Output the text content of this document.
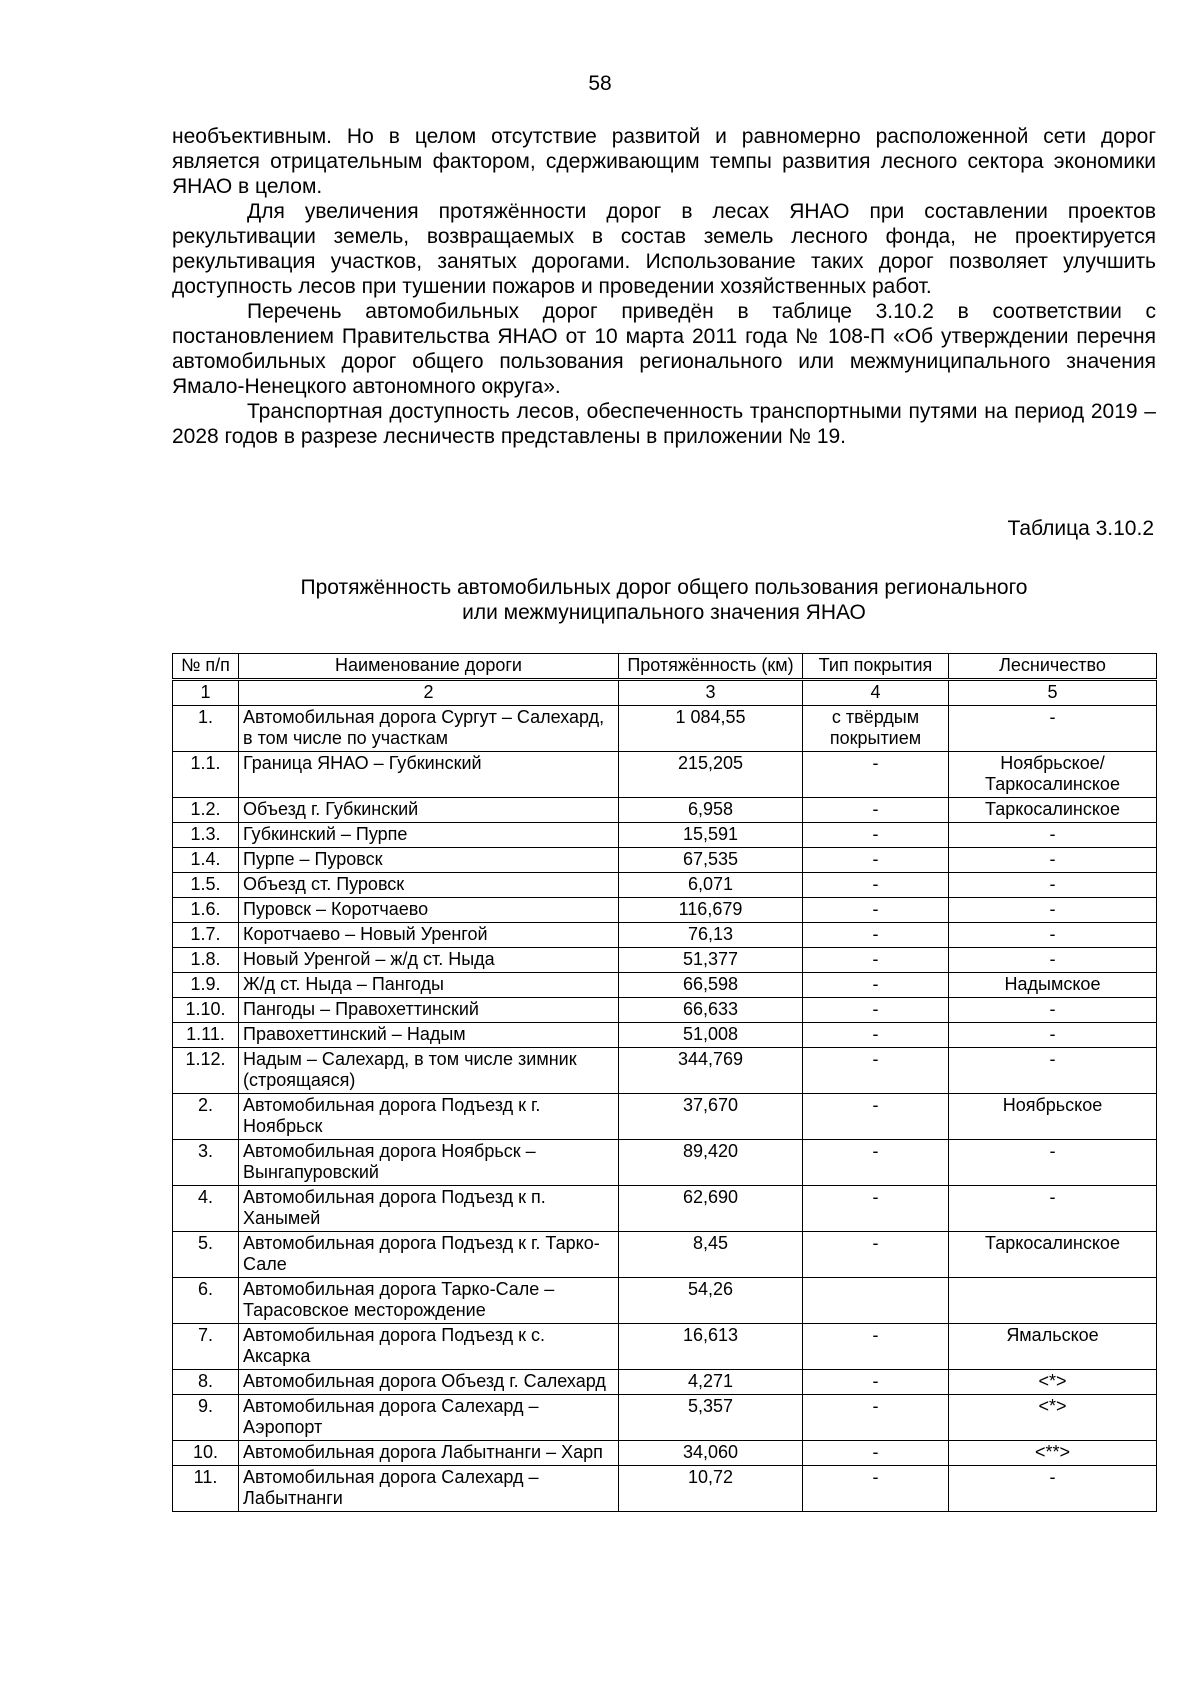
58

необъективным. Но в целом отсутствие развитой и равномерно расположенной сети дорог является отрицательным фактором, сдерживающим темпы развития лесного сектора экономики ЯНАО в целом.

Для увеличения протяжённости дорог в лесах ЯНАО при составлении проектов рекультивации земель, возвращаемых в состав земель лесного фонда, не проектируется рекультивация участков, занятых дорогами. Использование таких дорог позволяет улучшить доступность лесов при тушении пожаров и проведении хозяйственных работ.

Перечень автомобильных дорог приведён в таблице 3.10.2 в соответствии с постановлением Правительства ЯНАО от 10 марта 2011 года № 108-П «Об утверждении перечня автомобильных дорог общего пользования регионального или межмуниципального значения Ямало-Ненецкого автономного округа».

Транспортная доступность лесов, обеспеченность транспортными путями на период 2019 – 2028 годов в разрезе лесничеств представлены в приложении № 19.

Таблица 3.10.2
Протяжённость автомобильных дорог общего пользования регионального
или межмуниципального значения ЯНАО
№ п/п	Наименование дороги	Протяжённость (км)	Тип покрытия	Лесничество
1	2	3	4	5
1.	Автомобильная дорога Сургут – Салехард, в том числе по участкам	1 084,55	с твёрдым покрытием	-
1.1.	Граница ЯНАО – Губкинский	215,205	-	Ноябрьское/ Таркосалинское
1.2.	Объезд г. Губкинский	6,958	-	Таркосалинское
1.3.	Губкинский – Пурпе	15,591	-	-
1.4.	Пурпе – Пуровск	67,535	-	-
1.5.	Объезд ст. Пуровск	6,071	-	-
1.6.	Пуровск – Коротчаево	116,679	-	-
1.7.	Коротчаево – Новый Уренгой	76,13	-	-
1.8.	Новый Уренгой – ж/д ст. Ныда	51,377	-	-
1.9.	Ж/д ст. Ныда – Пангоды	66,598	-	Надымское
1.10.	Пангоды – Правохеттинский	66,633	-	-
1.11.	Правохеттинский – Надым	51,008	-	-
1.12.	Надым – Салехард, в том числе зимник (строящаяся)	344,769	-	-
2.	Автомобильная дорога Подъезд к г. Ноябрьск	37,670	-	Ноябрьское
3.	Автомобильная дорога Ноябрьск – Вынгапуровский	89,420	-	-
4.	Автомобильная дорога Подъезд к п. Ханымей	62,690	-	-
5.	Автомобильная дорога Подъезд к г. Тарко-Сале	8,45	-	Таркосалинское
6.	Автомобильная дорога Тарко-Сале – Тарасовское месторождение	54,26		
7.	Автомобильная дорога Подъезд к с. Аксарка	16,613	-	Ямальское
8.	Автомобильная дорога Объезд г. Салехард	4,271	-	<*>
9.	Автомобильная дорога Салехард – Аэропорт	5,357	-	<*>
10.	Автомобильная дорога Лабытнанги – Харп	34,060	-	<**>
11.	Автомобильная дорога Салехард – Лабытнанги	10,72	-	-
